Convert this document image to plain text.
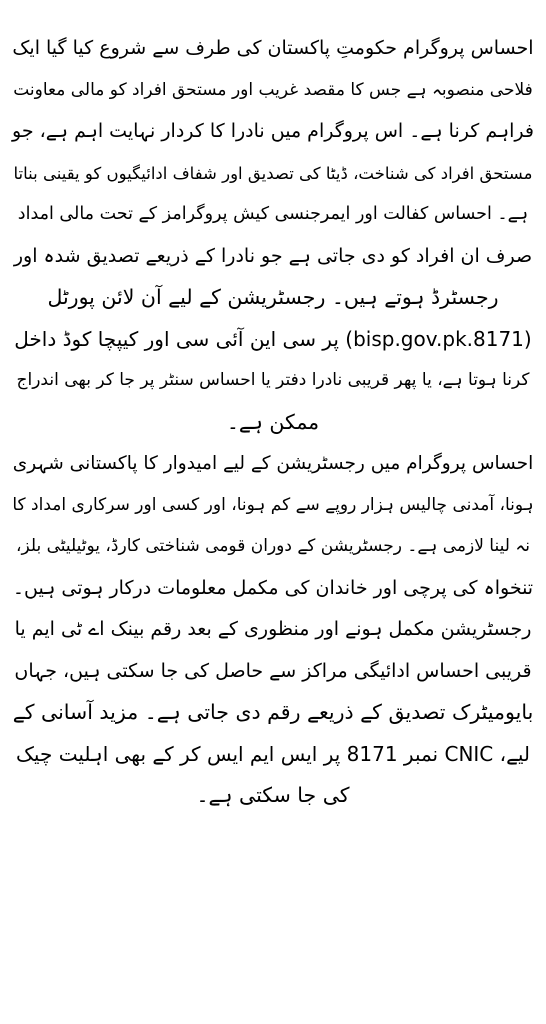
احساس پروگرام حکومتِ پاکستان کی طرف سے شروع کیا گیا ایک
فلاحی منصوبہ ہے جس کا مقصد غریب اور مستحق افراد کو مالی معاونت
فراہم کرنا ہے۔ اس پروگرام میں نادرا کا کردار نہایت اہم ہے، جو
مستحق افراد کی شناخت، ڈیٹا کی تصدیق اور شفاف ادائیگیوں کو یقینی بناتا
ہے۔ احساس کفالت اور ایمرجنسی کیش پروگرامز کے تحت مالی امداد
صرف ان افراد کو دی جاتی ہے جو نادرا کے ذریعے تصدیق شدہ اور
رجسٹرڈ ہوتے ہیں۔ رجسٹریشن کے لیے آن لائن پورٹل
(bisp.gov.pk.8171) پر سی این آئی سی اور کیپچا کوڈ داخل
کرنا ہوتا ہے، یا پھر قریبی نادرا دفتر یا احساس سنٹر پر جا کر بھی اندراج
ممکن ہے۔
احساس پروگرام میں رجسٹریشن کے لیے امیدوار کا پاکستانی شہری
ہونا، آمدنی چالیس ہزار روپے سے کم ہونا، اور کسی اور سرکاری امداد کا
نہ لینا لازمی ہے۔ رجسٹریشن کے دوران قومی شناختی کارڈ، یوٹیلیٹی بلز،
تنخواہ کی پرچی اور خاندان کی مکمل معلومات درکار ہوتی ہیں۔
رجسٹریشن مکمل ہونے اور منظوری کے بعد رقم بینک اے ٹی ایم یا
قریبی احساس ادائیگی مراکز سے حاصل کی جا سکتی ہیں، جہاں
بایومیٹرک تصدیق کے ذریعے رقم دی جاتی ہے۔ مزید آسانی کے
لیے، CNIC نمبر 8171 پر ایس ایم ایس کر کے بھی اہلیت چیک
کی جا سکتی ہے۔
